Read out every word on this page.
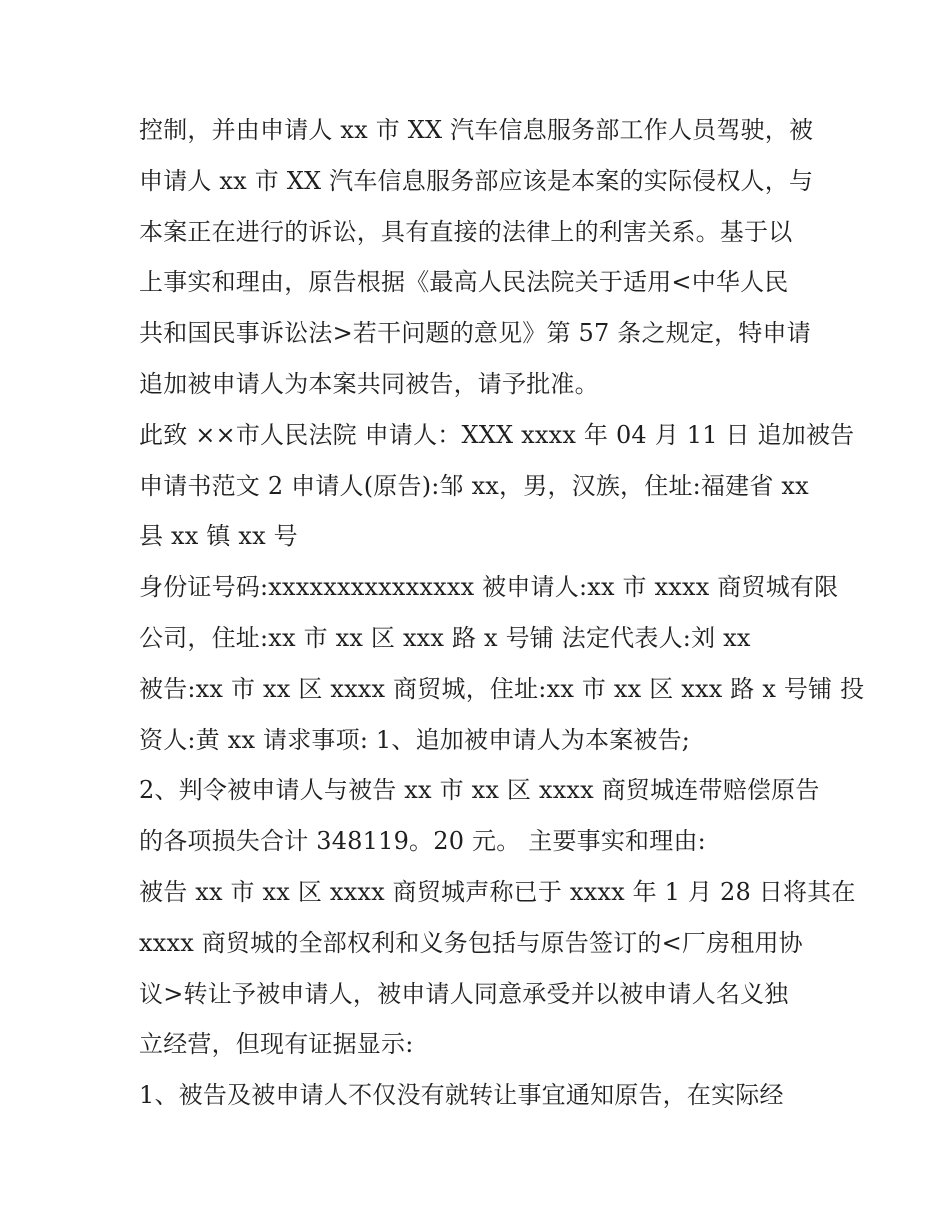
控制，并由申请人 xx 市 XX 汽车信息服务部工作人员驾驶，被
申请人 xx 市 XX 汽车信息服务部应该是本案的实际侵权人，与
本案正在进行的诉讼，具有直接的法律上的利害关系。基于以
上事实和理由，原告根据《最高人民法院关于适用<中华人民
共和国民事诉讼法>若干问题的意见》第 57 条之规定，特申请
追加被申请人为本案共同被告，请予批准。
此致 ××市人民法院 申请人：XXX xxxx 年 04 月 11 日 追加被告
申请书范文 2 申请人(原告):邹 xx，男，汉族，住址:福建省 xx
县 xx 镇 xx 号
身份证号码:xxxxxxxxxxxxxxx 被申请人:xx 市 xxxx 商贸城有限
公司，住址:xx 市 xx 区 xxx 路 x 号铺 法定代表人:刘 xx
被告:xx 市 xx 区 xxxx 商贸城，住址:xx 市 xx 区 xxx 路 x 号铺 投
资人:黄 xx 请求事项: 1、追加被申请人为本案被告;
2、判令被申请人与被告 xx 市 xx 区 xxxx 商贸城连带赔偿原告
的各项损失合计 348119。20 元。 主要事实和理由:
被告 xx 市 xx 区 xxxx 商贸城声称已于 xxxx 年 1 月 28 日将其在
xxxx 商贸城的全部权利和义务包括与原告签订的<厂房租用协
议>转让予被申请人，被申请人同意承受并以被申请人名义独
立经营，但现有证据显示:
1、被告及被申请人不仅没有就转让事宜通知原告，在实际经
